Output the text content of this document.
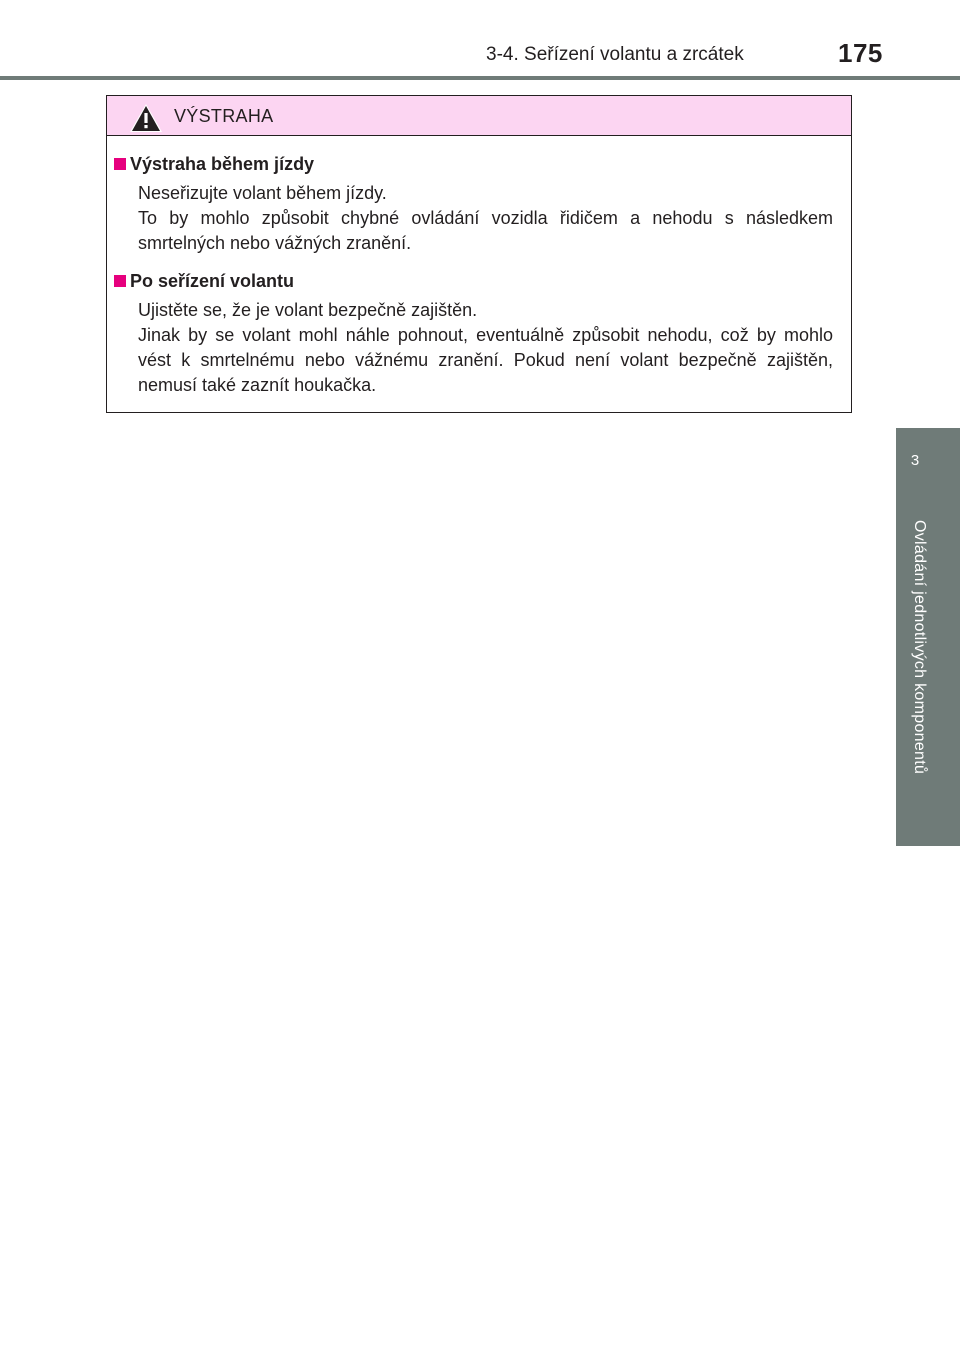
3-4. Seřízení volantu a zrcátek	175
3
Ovládání jednotlivých komponentů
VÝSTRAHA
Výstraha během jízdy

Neseřizujte volant během jízdy.

To by mohlo způsobit chybné ovládání vozidla řidičem a nehodu s následkem smrtelných nebo vážných zranění.

Po seřízení volantu

Ujistěte se, že je volant bezpečně zajištěn.

Jinak by se volant mohl náhle pohnout, eventuálně způsobit nehodu, což by mohlo vést k smrtelnému nebo vážnému zranění. Pokud není volant bezpečně zajištěn, nemusí také zaznít houkačka.
